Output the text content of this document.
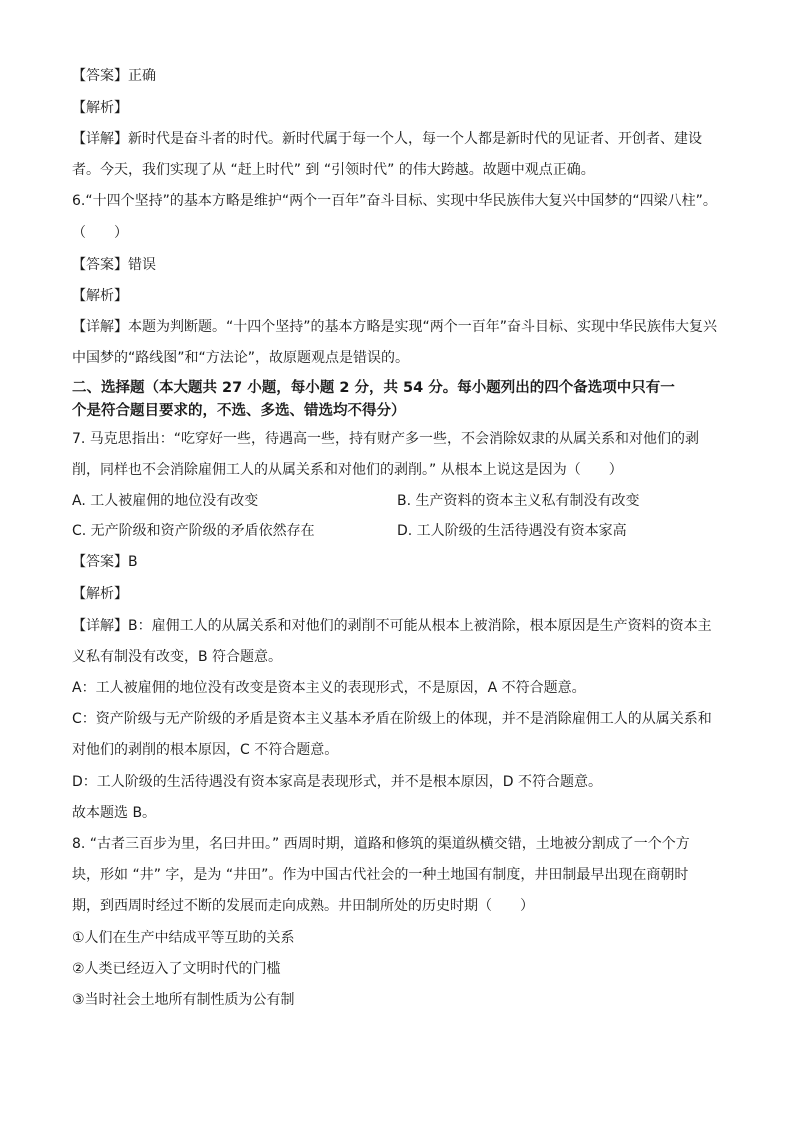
【答案】正确
【解析】
【详解】新时代是奋斗者的时代。新时代属于每一个人，每一个人都是新时代的见证者、开创者、建设
者。今天，我们实现了从 “赶上时代” 到 “引领时代” 的伟大跨越。故题中观点正确。
6.“十四个坚持”的基本方略是维护“两个一百年”奋斗目标、实现中华民族伟大复兴中国梦的“四梁八柱”。
（　　）
【答案】错误
【解析】
【详解】本题为判断题。“十四个坚持”的基本方略是实现“两个一百年”奋斗目标、实现中华民族伟大复兴
中国梦的“路线图”和“方法论”，故原题观点是错误的。
二、选择题（本大题共 27 小题，每小题 2 分，共 54 分。每小题列出的四个备选项中只有一
个是符合题目要求的，不选、多选、错选均不得分）
7. 马克思指出：“吃穿好一些，待遇高一些，持有财产多一些，不会消除奴隶的从属关系和对他们的剥
削，同样也不会消除雇佣工人的从属关系和对他们的剥削。” 从根本上说这是因为（　　）
A. 工人被雇佣的地位没有改变	B. 生产资料的资本主义私有制没有改变
C. 无产阶级和资产阶级的矛盾依然存在	D. 工人阶级的生活待遇没有资本家高
【答案】B
【解析】
【详解】B：雇佣工人的从属关系和对他们的剥削不可能从根本上被消除，根本原因是生产资料的资本主
义私有制没有改变，B 符合题意。
A：工人被雇佣的地位没有改变是资本主义的表现形式，不是原因，A 不符合题意。
C：资产阶级与无产阶级的矛盾是资本主义基本矛盾在阶级上的体现，并不是消除雇佣工人的从属关系和
对他们的剥削的根本原因，C 不符合题意。
D：工人阶级的生活待遇没有资本家高是表现形式，并不是根本原因，D 不符合题意。
故本题选 B。
8. “古者三百步为里，名曰井田。” 西周时期，道路和修筑的渠道纵横交错，土地被分割成了一个个方
块，形如 “井” 字，是为 “井田”。作为中国古代社会的一种土地国有制度，井田制最早出现在商朝时
期，到西周时经过不断的发展而走向成熟。井田制所处的历史时期（　　）
①人们在生产中结成平等互助的关系
②人类已经迈入了文明时代的门槛
③当时社会土地所有制性质为公有制
